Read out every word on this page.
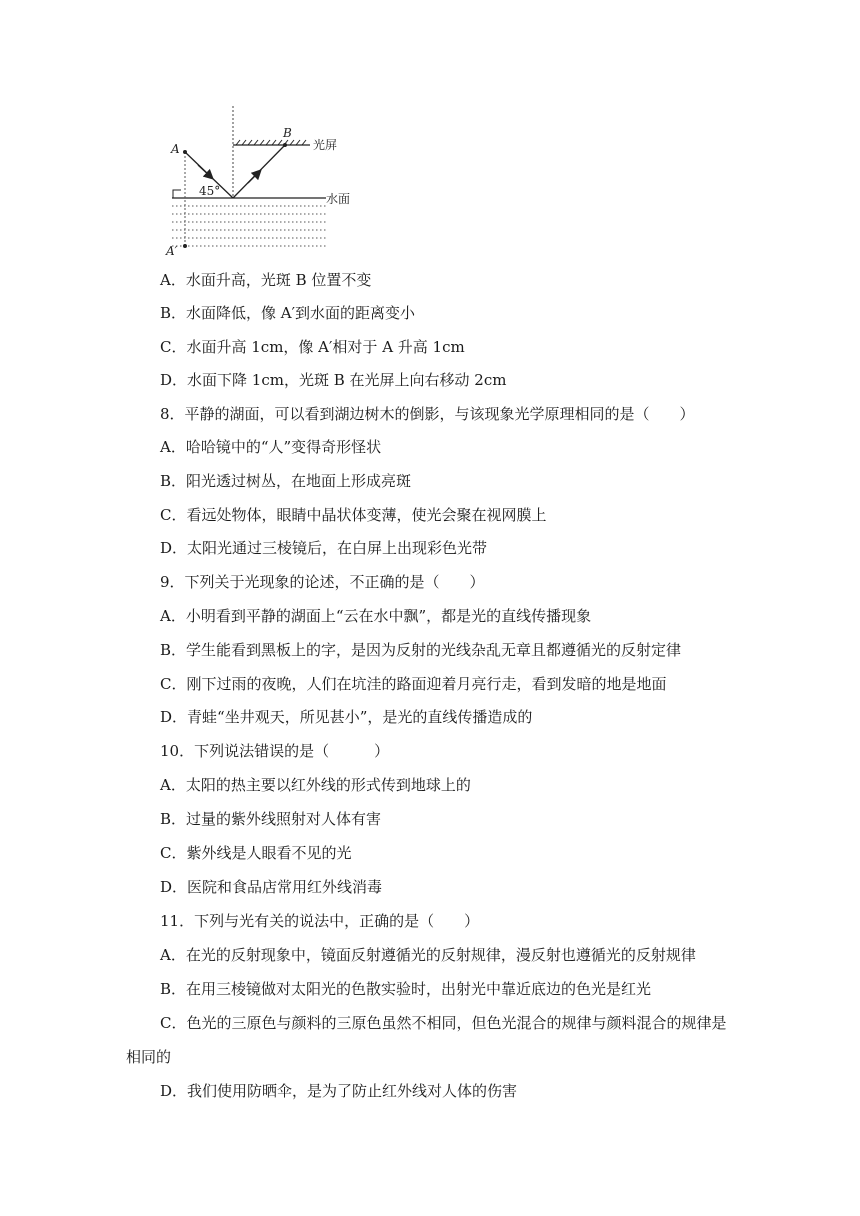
光屏
水面
A
A′
B
45°
A．水面升高，光斑 B 位置不变
B．水面降低，像 A′到水面的距离变小
C．水面升高 1cm，像 A′相对于 A 升高 1cm
D．水面下降 1cm，光斑 B 在光屏上向右移动 2cm
8．平静的湖面，可以看到湖边树木的倒影，与该现象光学原理相同的是（　　）
A．哈哈镜中的“人”变得奇形怪状
B．阳光透过树丛，在地面上形成亮斑
C．看远处物体，眼睛中晶状体变薄，使光会聚在视网膜上
D．太阳光通过三棱镜后，在白屏上出现彩色光带
9．下列关于光现象的论述，不正确的是（　　）
A．小明看到平静的湖面上“云在水中飘”，都是光的直线传播现象
B．学生能看到黑板上的字，是因为反射的光线杂乱无章且都遵循光的反射定律
C．刚下过雨的夜晚，人们在坑洼的路面迎着月亮行走，看到发暗的地是地面
D．青蛙“坐井观天，所见甚小”，是光的直线传播造成的
10．下列说法错误的是（　　　）
A．太阳的热主要以红外线的形式传到地球上的
B．过量的紫外线照射对人体有害
C．紫外线是人眼看不见的光
D．医院和食品店常用红外线消毒
11．下列与光有关的说法中，正确的是（　　）
A．在光的反射现象中，镜面反射遵循光的反射规律，漫反射也遵循光的反射规律
B．在用三棱镜做对太阳光的色散实验时，出射光中靠近底边的色光是红光
C．色光的三原色与颜料的三原色虽然不相同，但色光混合的规律与颜料混合的规律是
相同的
D．我们使用防晒伞，是为了防止红外线对人体的伤害
